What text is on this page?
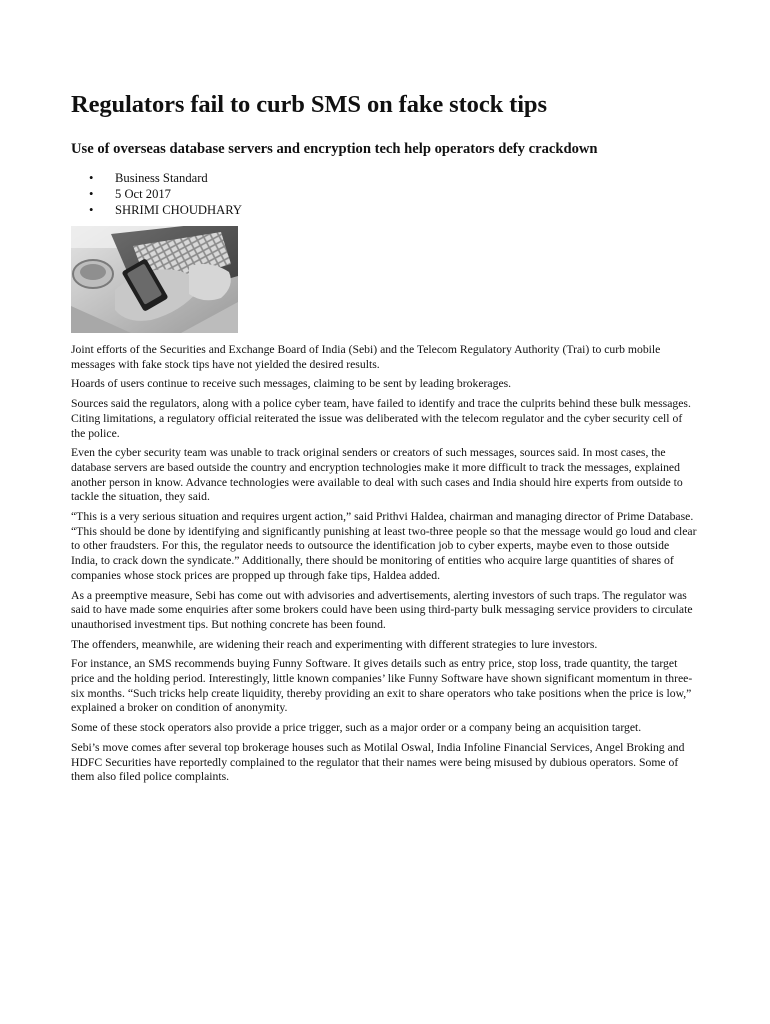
Regulators fail to curb SMS on fake stock tips
Use of overseas database servers and encryption tech help operators defy crackdown
• Business Standard
• 5 Oct 2017
• SHRIMI CHOUDHARY

Joint efforts of the Securities and Exchange Board of India (Sebi) and the Telecom Regulatory Authority (Trai) to curb mobile messages with fake stock tips have not yielded the desired results.

Hoards of users continue to receive such messages, claiming to be sent by leading brokerages.

Sources said the regulators, along with a police cyber team, have failed to identify and trace the culprits behind these bulk messages. Citing limitations, a regulatory official reiterated the issue was deliberated with the telecom regulator and the cyber security cell of the police.

Even the cyber security team was unable to track original senders or creators of such messages, sources said. In most cases, the database servers are based outside the country and encryption technologies make it more difficult to track the messages, explained another person in know. Advance technologies were available to deal with such cases and India should hire experts from outside to tackle the situation, they said.

“This is a very serious situation and requires urgent action,” said Prithvi Haldea, chairman and managing director of Prime Database. “This should be done by identifying and significantly punishing at least two-three people so that the message would go loud and clear to other fraudsters. For this, the regulator needs to outsource the identification job to cyber experts, maybe even to those outside India, to crack down the syndicate.” Additionally, there should be monitoring of entities who acquire large quantities of shares of companies whose stock prices are propped up through fake tips, Haldea added.

As a preemptive measure, Sebi has come out with advisories and advertisements, alerting investors of such traps. The regulator was said to have made some enquiries after some brokers could have been using third-party bulk messaging service providers to circulate unauthorised investment tips. But nothing concrete has been found.

The offenders, meanwhile, are widening their reach and experimenting with different strategies to lure investors.

For instance, an SMS recommends buying Funny Software. It gives details such as entry price, stop loss, trade quantity, the target price and the holding period. Interestingly, little known companies’ like Funny Software have shown significant momentum in three-six months. “Such tricks help create liquidity, thereby providing an exit to share operators who take positions when the price is low,” explained a broker on condition of anonymity.

Some of these stock operators also provide a price trigger, such as a major order or a company being an acquisition target.

Sebi’s move comes after several top brokerage houses such as Motilal Oswal, India Infoline Financial Services, Angel Broking and HDFC Securities have reportedly complained to the regulator that their names were being misused by dubious operators. Some of them also filed police complaints.
